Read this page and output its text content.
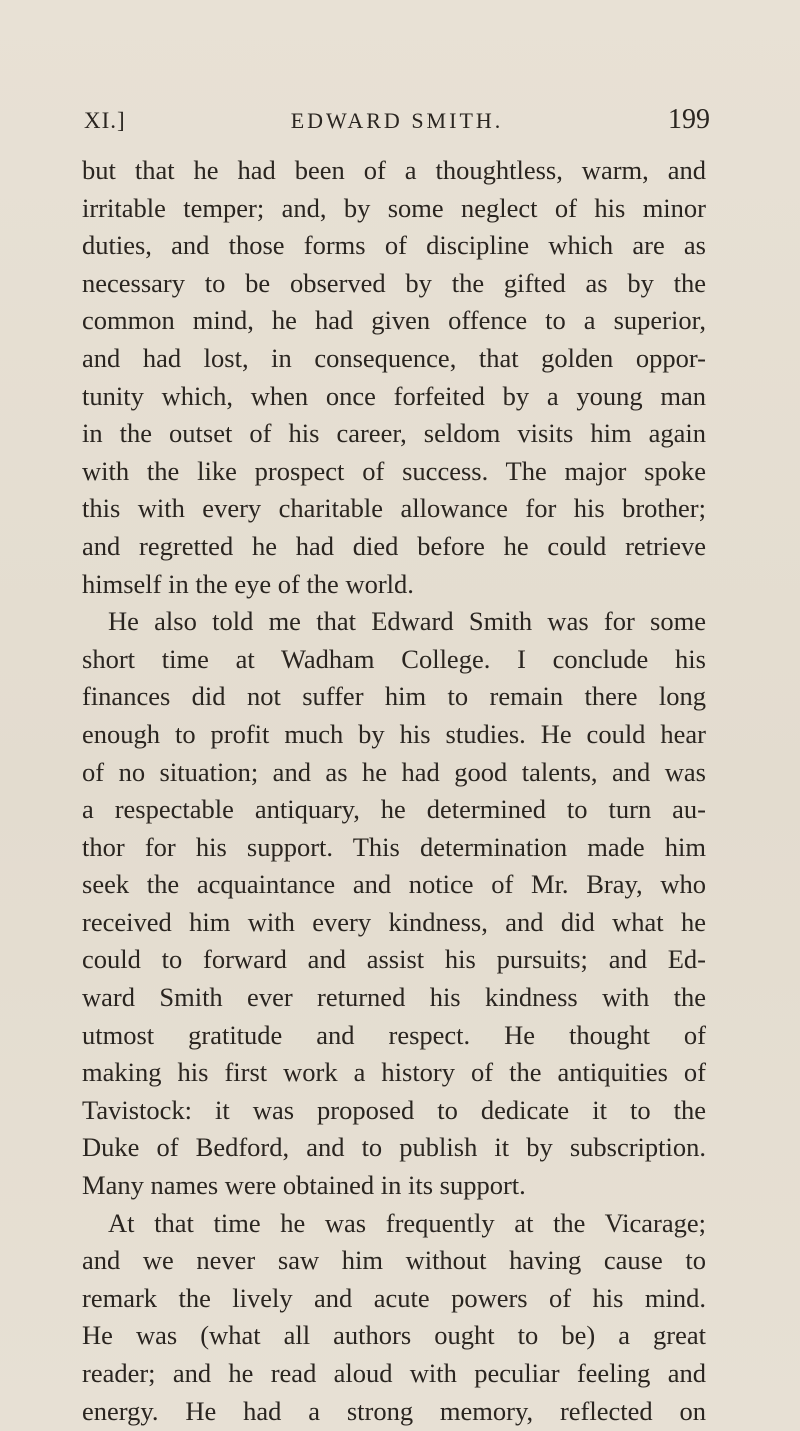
XI.]	EDWARD SMITH.	199
but that he had been of a thoughtless, warm, and
irritable temper; and, by some neglect of his minor
duties, and those forms of discipline which are as
necessary to be observed by the gifted as by the
common mind, he had given offence to a superior,
and had lost, in consequence, that golden oppor-
tunity which, when once forfeited by a young man
in the outset of his career, seldom visits him again
with the like prospect of success. The major spoke
this with every charitable allowance for his brother;
and regretted he had died before he could retrieve
himself in the eye of the world.
He also told me that Edward Smith was for some
short time at Wadham College. I conclude his
finances did not suffer him to remain there long
enough to profit much by his studies. He could hear
of no situation; and as he had good talents, and was
a respectable antiquary, he determined to turn au-
thor for his support. This determination made him
seek the acquaintance and notice of Mr. Bray, who
received him with every kindness, and did what he
could to forward and assist his pursuits; and Ed-
ward Smith ever returned his kindness with the
utmost gratitude and respect. He thought of
making his first work a history of the antiquities of
Tavistock: it was proposed to dedicate it to the
Duke of Bedford, and to publish it by subscription.
Many names were obtained in its support.
At that time he was frequently at the Vicarage;
and we never saw him without having cause to
remark the lively and acute powers of his mind.
He was (what all authors ought to be) a great
reader; and he read aloud with peculiar feeling and
energy. He had a strong memory, reflected on
